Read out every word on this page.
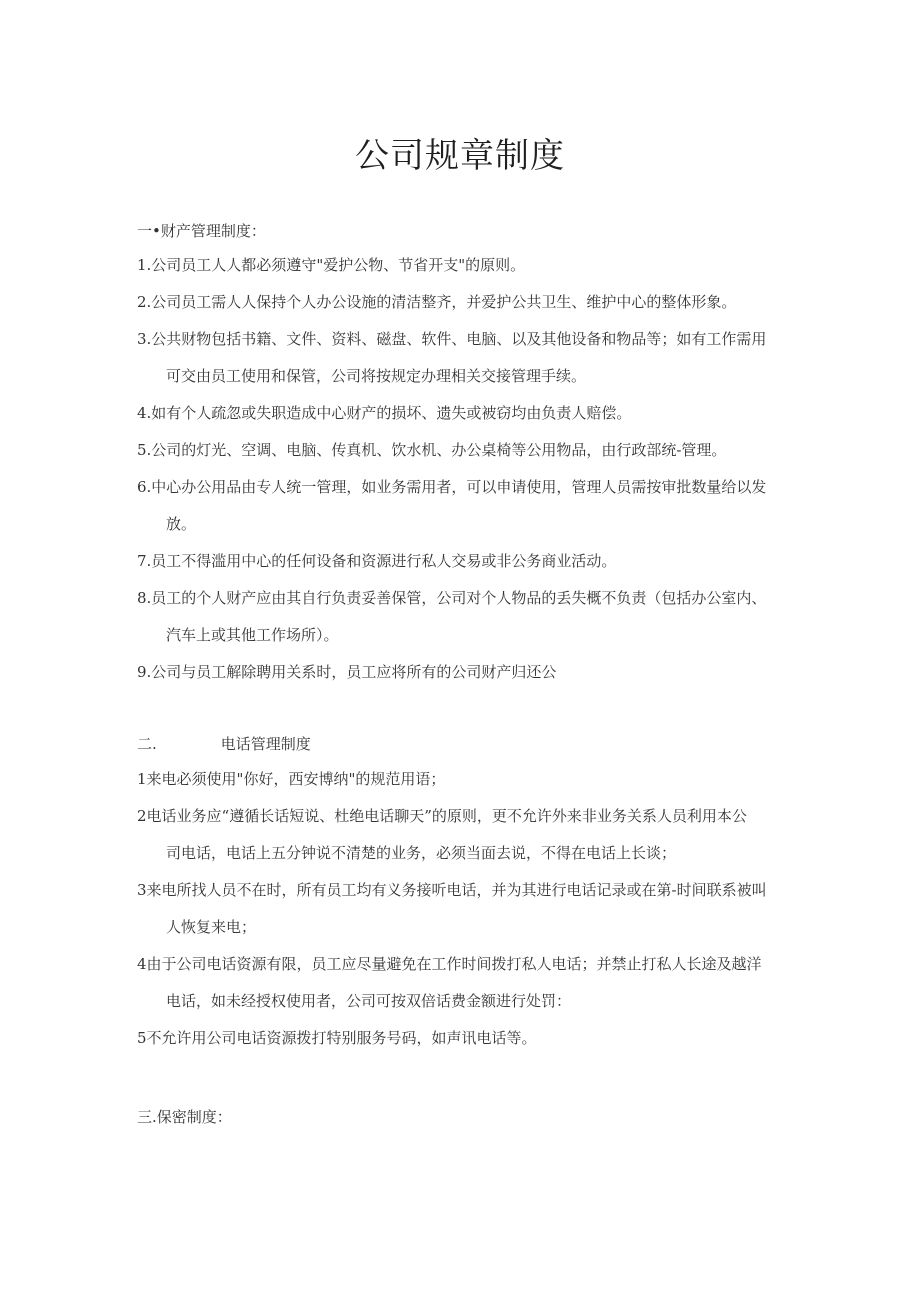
公司规章制度
一•财产管理制度：
1.公司员工人人都必须遵守"爱护公物、节省开支"的原则。
2.公司员工需人人保持个人办公设施的清洁整齐，并爱护公共卫生、维护中心的整体形象。
3.公共财物包括书籍、文件、资料、磁盘、软件、电脑、以及其他设备和物品等；如有工作需用
可交由员工使用和保管，公司将按规定办理相关交接管理手续。
4.如有个人疏忽或失职造成中心财产的损坏、遗失或被窃均由负责人赔偿。
5.公司的灯光、空调、电脑、传真机、饮水机、办公桌椅等公用物品，由行政部统-管理。
6.中心办公用品由专人统一管理，如业务需用者，可以申请使用，管理人员需按审批数量给以发
放。
7.员工不得滥用中心的任何设备和资源进行私人交易或非公务商业活动。
8.员工的个人财产应由其自行负责妥善保管，公司对个人物品的丢失概不负责（包括办公室内、
汽车上或其他工作场所）。
9.公司与员工解除聘用关系时，员工应将所有的公司财产归还公
二.	电话管理制度
1来电必须使用"你好，西安博纳"的规范用语；
2电话业务应“遵循长话短说、杜绝电话聊天”的原则，更不允许外来非业务关系人员利用本公
司电话，电话上五分钟说不清楚的业务，必须当面去说，不得在电话上长谈；
3来电所找人员不在时，所有员工均有义务接听电话，并为其进行电话记录或在第-时间联系被叫
人恢复来电；
4由于公司电话资源有限，员工应尽量避免在工作时间拨打私人电话；并禁止打私人长途及越洋
电话，如未经授权使用者，公司可按双倍话费金额进行处罚：
5不允许用公司电话资源拨打特别服务号码，如声讯电话等。
三.保密制度：
